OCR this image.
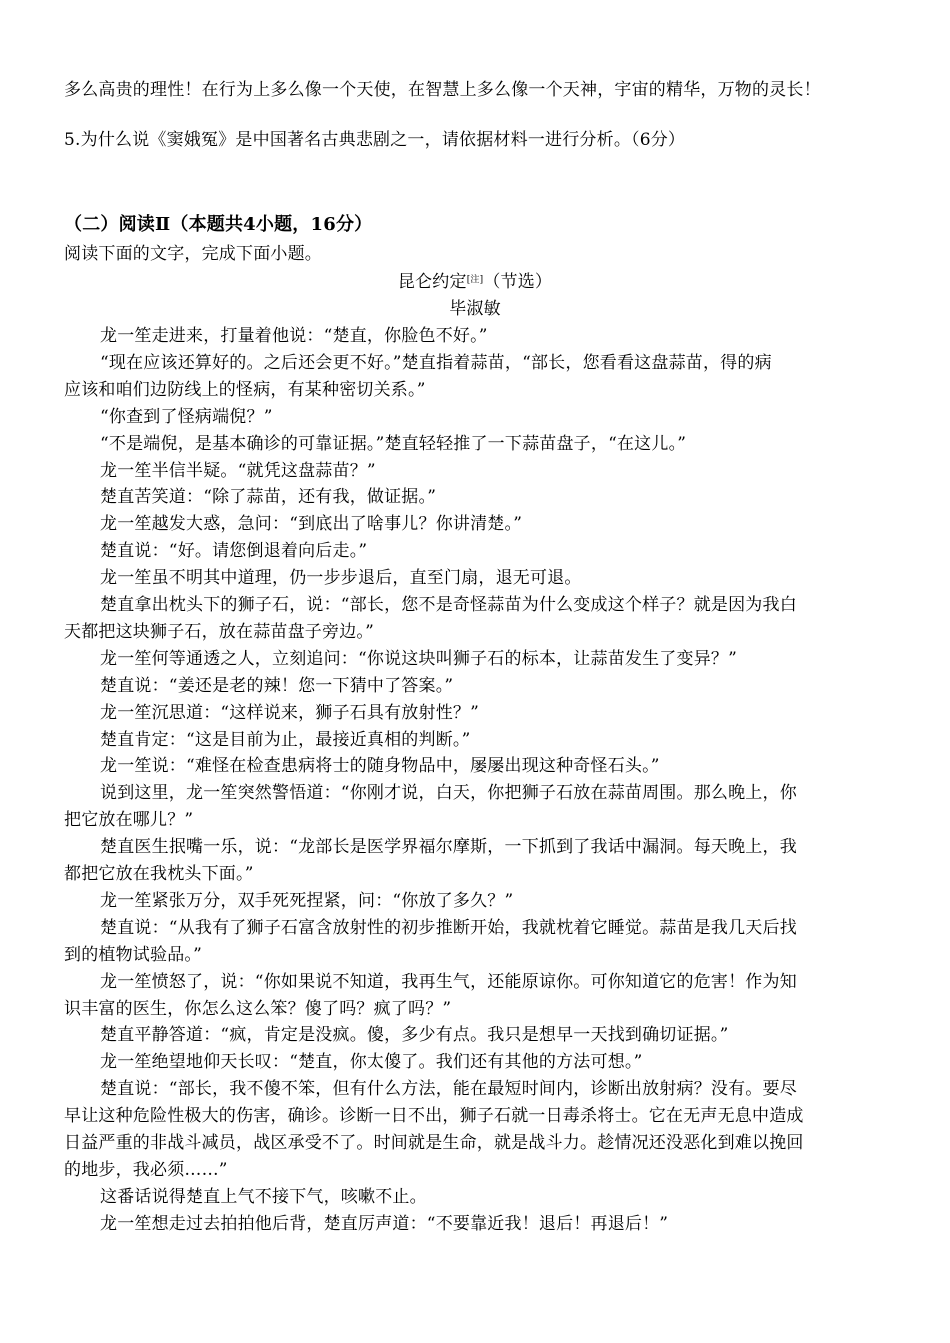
多么高贵的理性！在行为上多么像一个天使，在智慧上多么像一个天神，宇宙的精华，万物的灵长！
5.为什么说《窦娥冤》是中国著名古典悲剧之一，请依据材料一进行分析。（6分）
（二）阅读Ⅱ（本题共4小题，16分）
阅读下面的文字，完成下面小题。
昆仑约定[注]（节选）
毕淑敏
龙一笙走进来，打量着他说：“楚直，你脸色不好。”
“现在应该还算好的。之后还会更不好。”楚直指着蒜苗，“部长，您看看这盘蒜苗，得的病
应该和咱们边防线上的怪病，有某种密切关系。”
“你查到了怪病端倪？”
“不是端倪，是基本确诊的可靠证据。”楚直轻轻推了一下蒜苗盘子，“在这儿。”
龙一笙半信半疑。“就凭这盘蒜苗？”
楚直苦笑道：“除了蒜苗，还有我，做证据。”
龙一笙越发大惑，急问：“到底出了啥事儿？你讲清楚。”
楚直说：“好。请您倒退着向后走。”
龙一笙虽不明其中道理，仍一步步退后，直至门扇，退无可退。
楚直拿出枕头下的狮子石，说：“部长，您不是奇怪蒜苗为什么变成这个样子？就是因为我白
天都把这块狮子石，放在蒜苗盘子旁边。”
龙一笙何等通透之人，立刻追问：“你说这块叫狮子石的标本，让蒜苗发生了变异？”
楚直说：“姜还是老的辣！您一下猜中了答案。”
龙一笙沉思道：“这样说来，狮子石具有放射性？”
楚直肯定：“这是目前为止，最接近真相的判断。”
龙一笙说：“难怪在检查患病将士的随身物品中，屡屡出现这种奇怪石头。”
说到这里，龙一笙突然警悟道：“你刚才说，白天，你把狮子石放在蒜苗周围。那么晚上，你
把它放在哪儿？”
楚直医生抿嘴一乐，说：“龙部长是医学界福尔摩斯，一下抓到了我话中漏洞。每天晚上，我
都把它放在我枕头下面。”
龙一笙紧张万分，双手死死捏紧，问：“你放了多久？”
楚直说：“从我有了狮子石富含放射性的初步推断开始，我就枕着它睡觉。蒜苗是我几天后找
到的植物试验品。”
龙一笙愤怒了，说：“你如果说不知道，我再生气，还能原谅你。可你知道它的危害！作为知
识丰富的医生，你怎么这么笨？傻了吗？疯了吗？”
楚直平静答道：“疯，肯定是没疯。傻，多少有点。我只是想早一天找到确切证据。”
龙一笙绝望地仰天长叹：“楚直，你太傻了。我们还有其他的方法可想。”
楚直说：“部长，我不傻不笨，但有什么方法，能在最短时间内，诊断出放射病？没有。要尽
早让这种危险性极大的伤害，确诊。诊断一日不出，狮子石就一日毒杀将士。它在无声无息中造成
日益严重的非战斗减员，战区承受不了。时间就是生命，就是战斗力。趁情况还没恶化到难以挽回
的地步，我必须……”
这番话说得楚直上气不接下气，咳嗽不止。
龙一笙想走过去拍拍他后背，楚直厉声道：“不要靠近我！退后！再退后！”
